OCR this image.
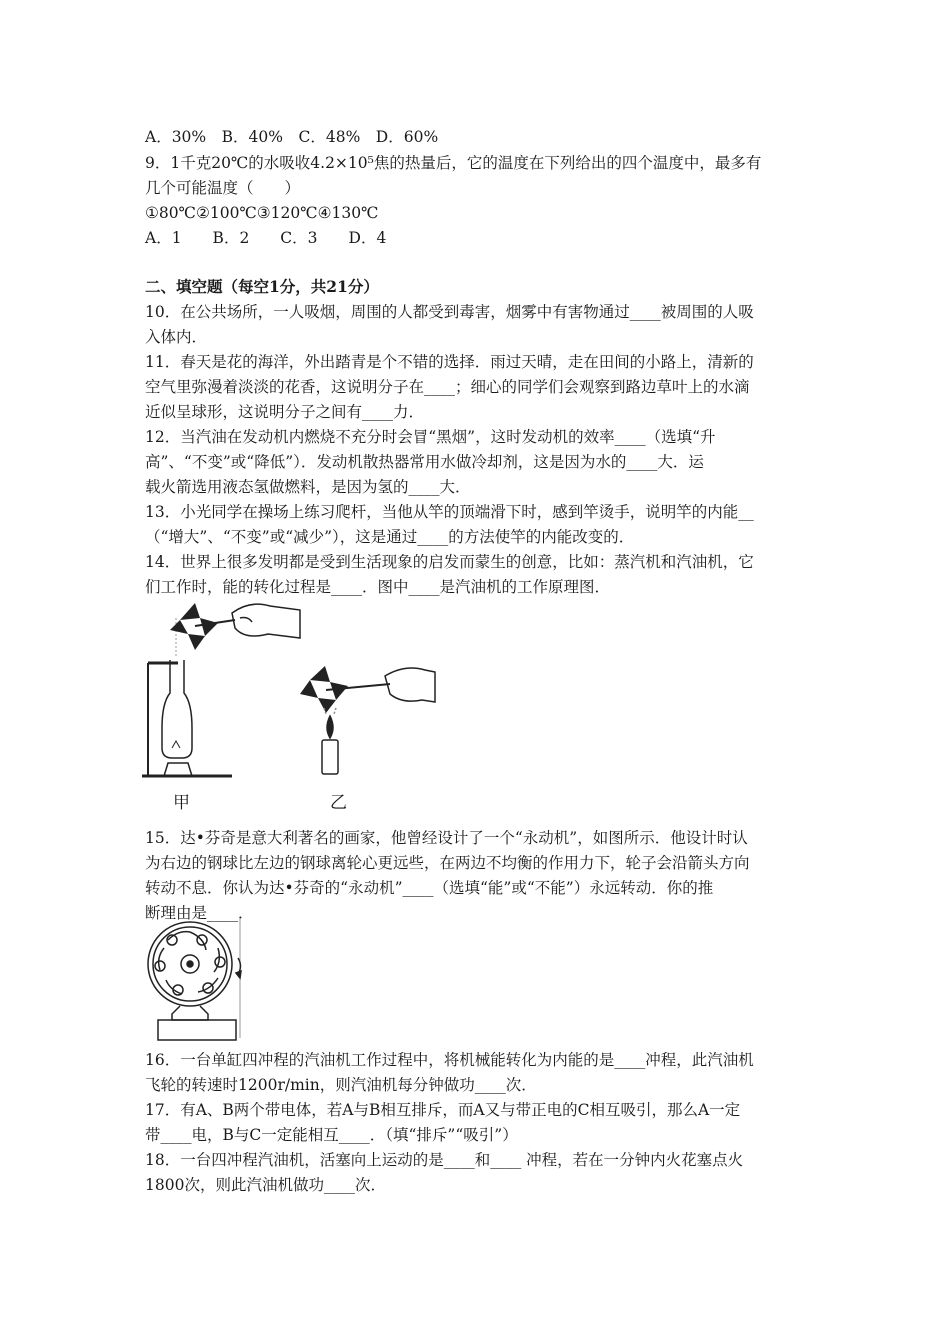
A．30%　B．40%　C．48%　D．60%
9．1千克20℃的水吸收4.2×10⁵焦的热量后，它的温度在下列给出的四个温度中，最多有
几个可能温度（　　）
①80℃②100℃③120℃④130℃
A．1　　B．2　　C．3　　D．4
二、填空题（每空1分，共21分）
10．在公共场所，一人吸烟，周围的人都受到毒害，烟雾中有害物通过____被周围的人吸
入体内．
11．春天是花的海洋，外出踏青是个不错的选择．雨过天晴，走在田间的小路上，清新的
空气里弥漫着淡淡的花香，这说明分子在____；细心的同学们会观察到路边草叶上的水滴
近似呈球形，这说明分子之间有____力．
12．当汽油在发动机内燃烧不充分时会冒“黑烟”，这时发动机的效率____（选填“升
高”、“不变”或“降低”）．发动机散热器常用水做冷却剂，这是因为水的____大．运
载火箭选用液态氢做燃料，是因为氢的____大．
13．小光同学在操场上练习爬杆，当他从竿的顶端滑下时，感到竿烫手，说明竿的内能__
（“增大”、“不变”或“减少”），这是通过____的方法使竿的内能改变的．
14．世界上很多发明都是受到生活现象的启发而蒙生的创意，比如：蒸汽机和汽油机，它
们工作时，能的转化过程是____．图中____是汽油机的工作原理图．
甲	乙
15．达•芬奇是意大利著名的画家，他曾经设计了一个“永动机”，如图所示．他设计时认
为右边的钢球比左边的钢球离轮心更远些，在两边不均衡的作用力下，轮子会沿箭头方向
转动不息．你认为达•芬奇的“永动机”____（选填“能”或“不能”）永远转动．你的推
断理由是____．
16．一台单缸四冲程的汽油机工作过程中，将机械能转化为内能的是____冲程，此汽油机
飞轮的转速时1200r/min，则汽油机每分钟做功____次．
17．有A、B两个带电体，若A与B相互排斥，而A又与带正电的C相互吸引，那么A一定
带____电，B与C一定能相互____．（填“排斥”“吸引”）
18．一台四冲程汽油机，活塞向上运动的是____和____ 冲程，若在一分钟内火花塞点火
1800次，则此汽油机做功____次．
